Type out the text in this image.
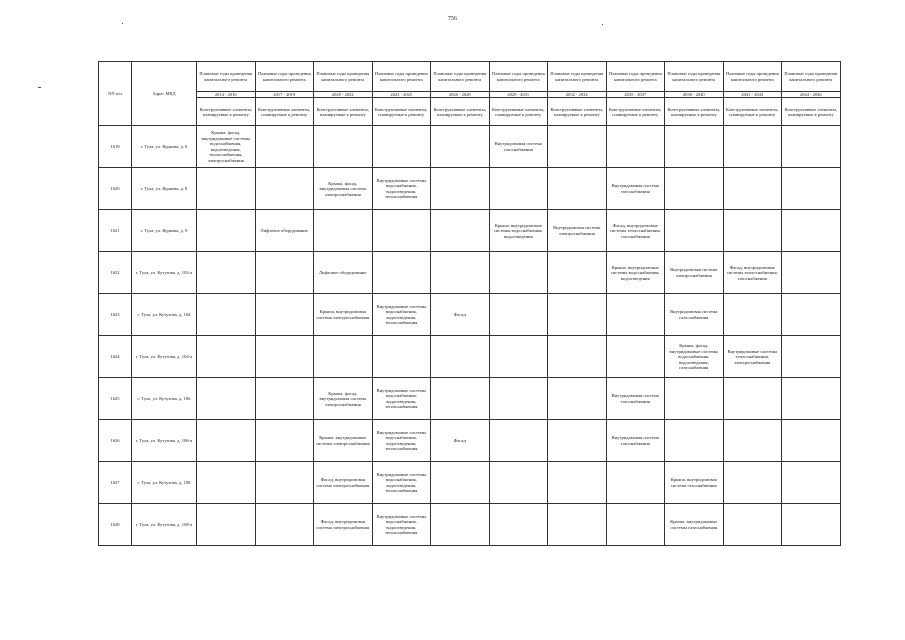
756
NN п/п	Адрес МКД	Плановые годы проведения капитального ремонта	Плановые годы проведения капитального ремонта	Плановые годы проведения капитального ремонта	Плановые годы проведения капитального ремонта	Плановые годы проведения капитального ремонта	Плановые годы проведения капитального ремонта	Плановые годы проведения капитального ремонта	Плановые годы проведения капитального ремонта	Плановые годы проведения капитального ремонта	Плановые годы проведения капитального ремонта	Плановые годы проведения капитального ремонта
		2014 - 2016	2017 - 2019	2020 - 2022	2023 - 2025	2026 - 2028	2029 - 2031	2032 - 2034	2035 - 2037	2038 - 2040	2041 - 2043	2044 - 2046
		Конструктивные элементы, планируемые к ремонту	Конструктивные элементы, планируемые к ремонту	Конструктивные элементы, планируемые к ремонту	Конструктивные элементы, планируемые к ремонту	Конструктивные элементы, планируемые к ремонту	Конструктивные элементы, планируемые к ремонту	Конструктивные элементы, планируемые к ремонту	Конструктивные элементы, планируемые к ремонту	Конструктивные элементы, планируемые к ремонту	Конструктивные элементы, планируемые к ремонту	Конструктивные элементы, планируемые к ремонту
1619	г. Тула, ул. Куркова, д. 6	Крыша, фасад, внутридомовые системы водоснабжения, водоотведения, теплоснабжения, электроснабжения					Внутридомовая система газоснабжения					
1620	г. Тула, ул. Куркова, д. 8			Крыша, фасад, внутридомовая система электроснабжения	Внутридомовые системы водоснабжения, водоотведения, теплоснабжения				Внутридомовая система газоснабжения			
1621	г. Тула, ул. Куркова, д. 9		Лифтовое оборудование				Крыша, внутридомовые системы водоснабжения, водоотведения	Внутридомовая система электроснабжения	Фасад, внутридомовые системы теплоснабжения, газоснабжения			
1622	г. Тула, ул. Кутузова, д. 102-а			Лифтовое оборудование					Крыша, внутридомовые системы водоснабжения, водоотведения	Внутридомовая система электроснабжения	Фасад, внутридомовые системы теплоснабжения, газоснабжения	
1623	г. Тула, ул. Кутузова, д. 104			Крыша, внутридомовая система электроснабжения	Внутридомовые системы водоснабжения, водоотведения, теплоснабжения	Фасад				Внутридомовая система газоснабжения		
1624	г. Тула, ул. Кутузова, д. 104-а									Крыша, фасад, внутридомовые системы водоснабжения, водоотведения, газоснабжения	Внутридомовые системы теплоснабжения, электроснабжения	
1625	г. Тула, ул. Кутузова, д. 106			Крыша, фасад, внутридомовая система электроснабжения	Внутридомовые системы водоснабжения, водоотведения, теплоснабжения				Внутридомовая система газоснабжения			
1626	г. Тула, ул. Кутузова, д. 106-а			Крыша, внутридомовые системы электроснабжения	Внутридомовые системы водоснабжения, водоотведения, теплоснабжения	Фасад			Внутридомовая система газоснабжения			
1627	г. Тула, ул. Кутузова, д. 108			Фасад, внутридомовая система электроснабжения	Внутридомовые системы водоснабжения, водоотведения, теплоснабжения					Крыша, внутридомовая система газоснабжения		
1628	г. Тула, ул. Кутузова, д. 108-а			Фасад, внутридомовая система электроснабжения	Внутридомовые системы водоснабжения, водоотведения, теплоснабжения					Крыша, внутридомовые системы газоснабжения		
